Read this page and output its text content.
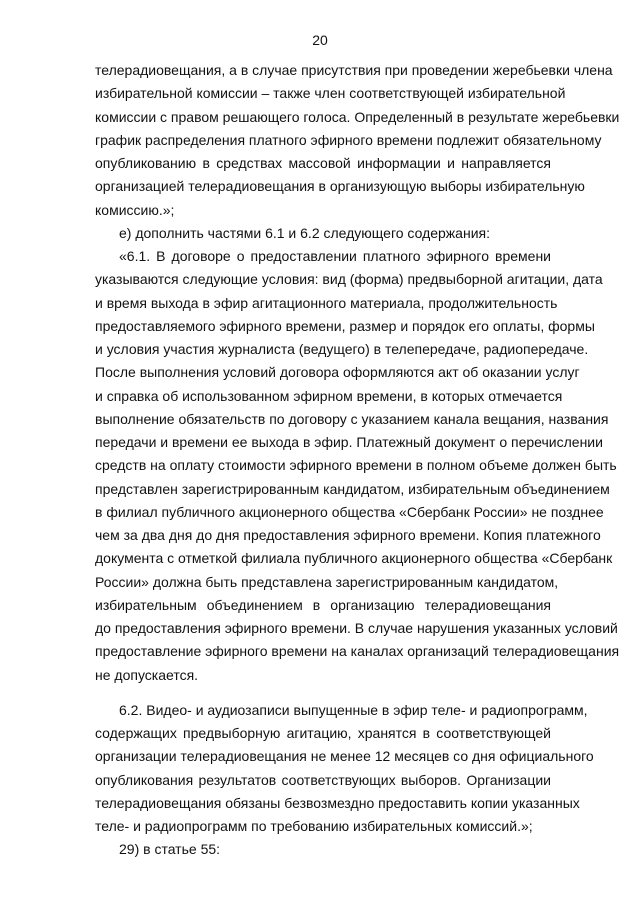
20
телерадиовещания, а в случае присутствия при проведении жеребьевки члена
избирательной комиссии – также член соответствующей избирательной
комиссии с правом решающего голоса. Определенный в результате жеребьевки
график распределения платного эфирного времени подлежит обязательному
опубликованию в средствах массовой информации и направляется
организацией телерадиовещания в организующую выборы избирательную
комиссию.»;
е) дополнить частями 6.1 и 6.2 следующего содержания:
«6.1. В договоре о предоставлении платного эфирного времени
указываются следующие условия: вид (форма) предвыборной агитации, дата
и время выхода в эфир агитационного материала, продолжительность
предоставляемого эфирного времени, размер и порядок его оплаты, формы
и условия участия журналиста (ведущего) в телепередаче, радиопередаче.
После выполнения условий договора оформляются акт об оказании услуг
и справка об использованном эфирном времени, в которых отмечается
выполнение обязательств по договору с указанием канала вещания, названия
передачи и времени ее выхода в эфир. Платежный документ о перечислении
средств на оплату стоимости эфирного времени в полном объеме должен быть
представлен зарегистрированным кандидатом, избирательным объединением
в филиал публичного акционерного общества «Сбербанк России» не позднее
чем за два дня до дня предоставления эфирного времени. Копия платежного
документа с отметкой филиала публичного акционерного общества «Сбербанк
России» должна быть представлена зарегистрированным кандидатом,
избирательным объединением в организацию телерадиовещания
до предоставления эфирного времени. В случае нарушения указанных условий
предоставление эфирного времени на каналах организаций телерадиовещания
не допускается.
6.2. Видео- и аудиозаписи выпущенные в эфир теле- и радиопрограмм,
содержащих предвыборную агитацию, хранятся в соответствующей
организации телерадиовещания не менее 12 месяцев со дня официального
опубликования результатов соответствующих выборов. Организации
телерадиовещания обязаны безвозмездно предоставить копии указанных
теле- и радиопрограмм по требованию избирательных комиссий.»;
29) в статье 55:
